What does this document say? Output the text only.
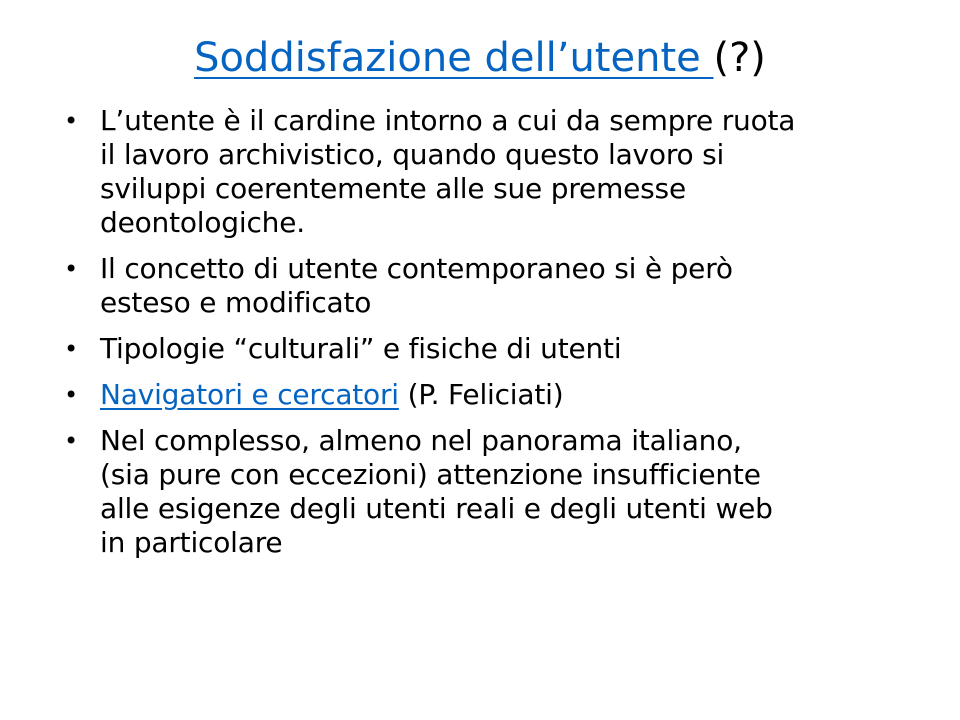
Soddisfazione dell’utente (?)
• L’utente è il cardine intorno a cui da sempre ruota
il lavoro archivistico, quando questo lavoro si
sviluppi coerentemente alle sue premesse
deontologiche.
• Il concetto di utente contemporaneo si è però
esteso e modificato
• Tipologie “culturali” e fisiche di utenti
• Navigatori e cercatori (P. Feliciati)
• Nel complesso, almeno nel panorama italiano,
(sia pure con eccezioni) attenzione insufficiente
alle esigenze degli utenti reali e degli utenti web
in particolare
